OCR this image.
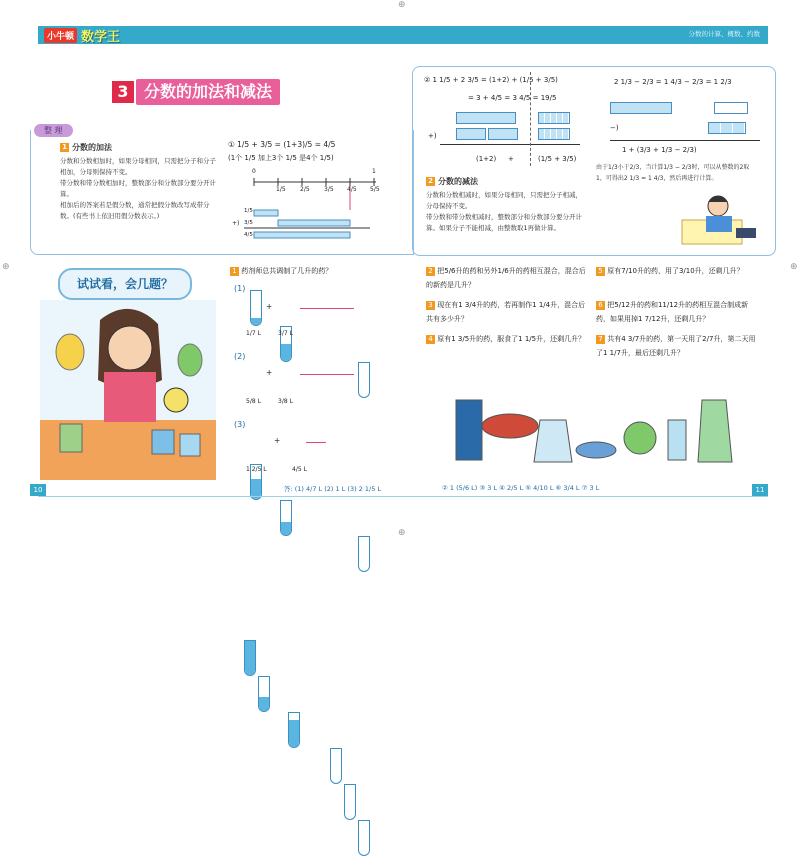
⊕
⊕	⊕
⊕
小牛顿 数学王	分数的计算、概数、约数
3 分数的加法和减法
整 理
1 分数的加法
分数和分数相加时，如果分母相同，只需把分子和分子相加，分母则保持不变。
带分数和带分数相加时，整数部分和分数部分要分开计算。
相加后的答案若是假分数，通常把假分数改写成带分数。(有些书上依旧用假分数表示。)
① 1/5 + 3/5 = (1+3)/5 = 4/5
(1个 1/5 加上3个 1/5 是4个 1/5)
0
1/5 2/5 3/5 4/5 5/5
1
1/5
+) 3/5
4/5
② 1 1/5 + 2 3/5 = (1+2) + (1/5 + 3/5)
= 3 + 4/5 = 3 4/5 = 19/5
+)
(1+2) +	(1/5 + 3/5)
2 1/3 − 2/3 = 1 4/3 − 2/3 = 1 2/3
−)
1 + (3/3 + 1/3 − 2/3)
2 分数的减法
分数和分数相减时，如果分母相同，只需把分子相减，分母保持不变。
带分数和带分数相减时，整数部分和分数部分要分开计算。如果分子不能相减，由整数取1再做计算。
由于1/3小于2/3，当计算1/3 − 2/3时，可以从整数的2取1，可得出2 1/3 = 1 4/3，然后再进行计算。
试试看，会几题？
1 药剂师总共调制了几升的药？
(1)
+
1/7 L	3/7 L
(2)
+
5/8 L	3/8 L
(3)
+
1 2/5 L	4/5 L
答: (1) 4/7 L (2) 1 L (3) 2 1/5 L
2 把5/6升的药和另外1/6升的药相互混合，混合后的新药是几升？
3 现在有1 3/4升的药，若再制作1 1/4升，混合后共有多少升？
4 原有1 3/5升的药，服食了1 1/5升，还剩几升？
5 原有7/10升的药，用了3/10升，还剩几升？
6 把5/12升的药和11/12升的药相互混合制成新药，如果用掉1 7/12升，还剩几升？
7 共有4 3/7升的药，第一天用了2/7升，第二天用了1 1/7升，最后还剩几升？
② 1 (5/6 L) ③ 3 L ④ 2/5 L ⑤ 4/10 L ⑥ 3/4 L ⑦ 3 L
10	11
